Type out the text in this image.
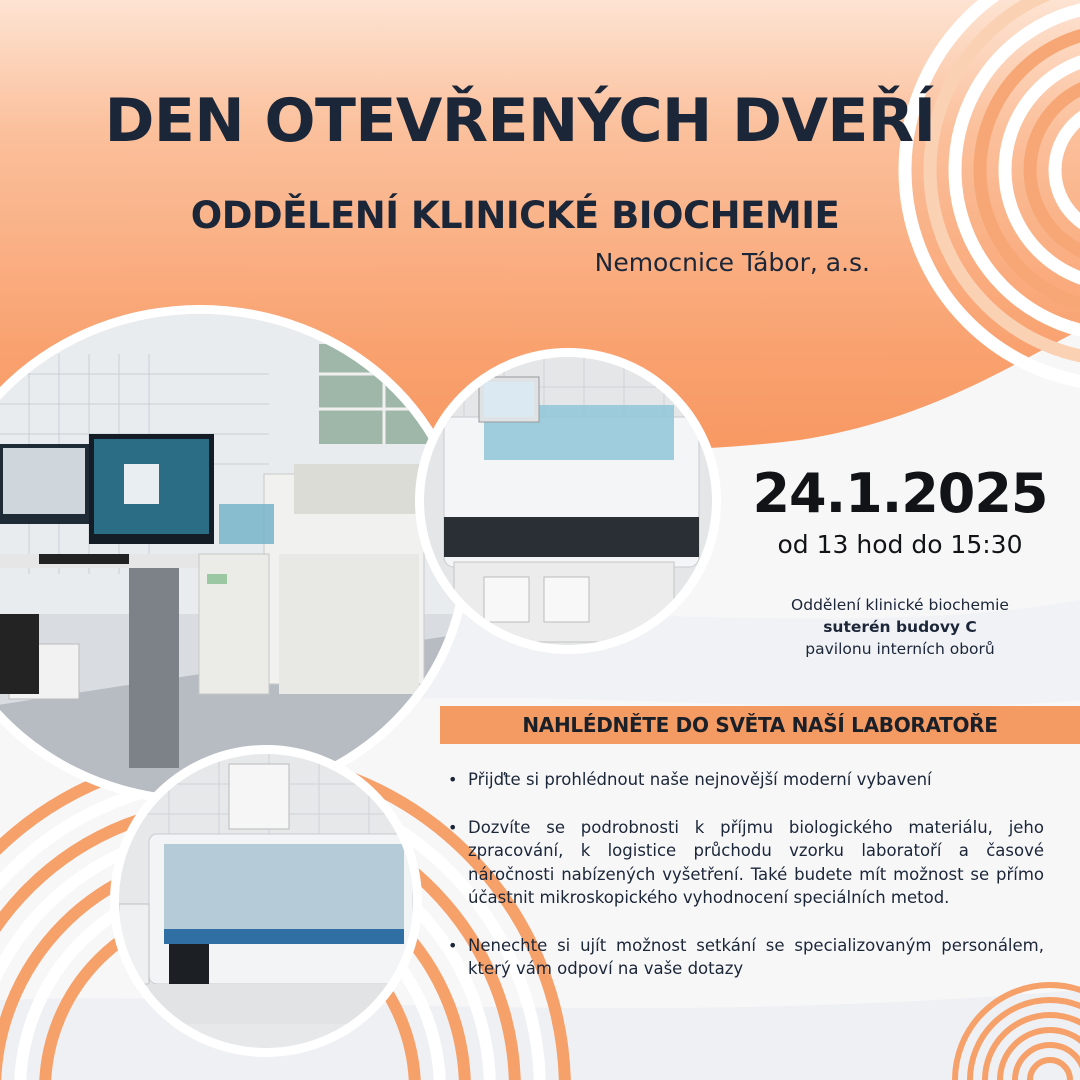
DEN OTEVŘENÝCH DVEŘÍ
ODDĚLENÍ KLINICKÉ BIOCHEMIE
Nemocnice Tábor, a.s.
24.1.2025
od 13 hod do 15:30
Oddělení klinické biochemie
suterén budovy C
pavilonu interních oborů
NAHLÉDNĚTE DO SVĚTA NAŠÍ LABORATOŘE
• Přijďte si prohlédnout naše nejnovější moderní vybavení
• Dozvíte se podrobnosti k příjmu biologického materiálu, jeho zpracování, k logistice průchodu vzorku laboratoří a časové náročnosti nabízených vyšetření. Také budete mít možnost se přímo účastnit mikroskopického vyhodnocení speciálních metod.
• Nenechte si ujít možnost setkání se specializovaným personálem, který vám odpoví na vaše dotazy
